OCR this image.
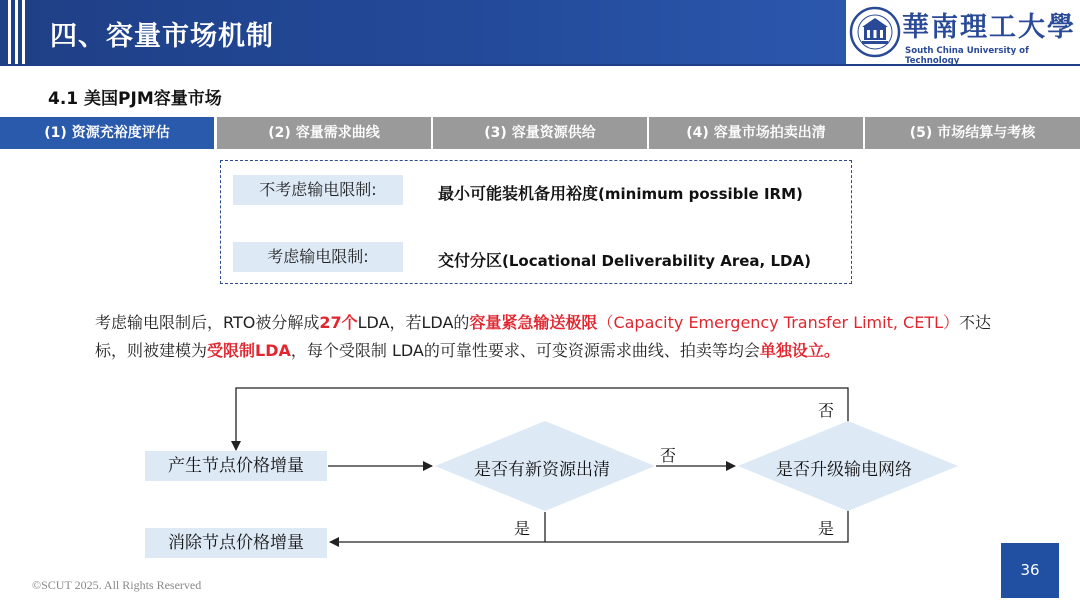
四、容量市场机制	華南理工大學
South China University of Technology
4.1 美国PJM容量市场
(1) 资源充裕度评估	(2) 容量需求曲线	(3) 容量资源供给	(4) 容量市场拍卖出清	(5) 市场结算与考核
不考虑输电限制:	最小可能装机备用裕度(minimum possible IRM)
考虑输电限制:	交付分区(Locational Deliverability Area, LDA)
考虑输电限制后，RTO被分解成27个LDA，若LDA的容量紧急输送极限（Capacity Emergency Transfer Limit, CETL）不达
标，则被建模为受限制LDA，每个受限制 LDA的可靠性要求、可变资源需求曲线、拍卖等均会单独设立。
产生节点价格增量
消除节点价格增量
是否有新资源出清	是否升级输电网络
否
否
是	是
©SCUT 2025. All Rights Reserved
36
